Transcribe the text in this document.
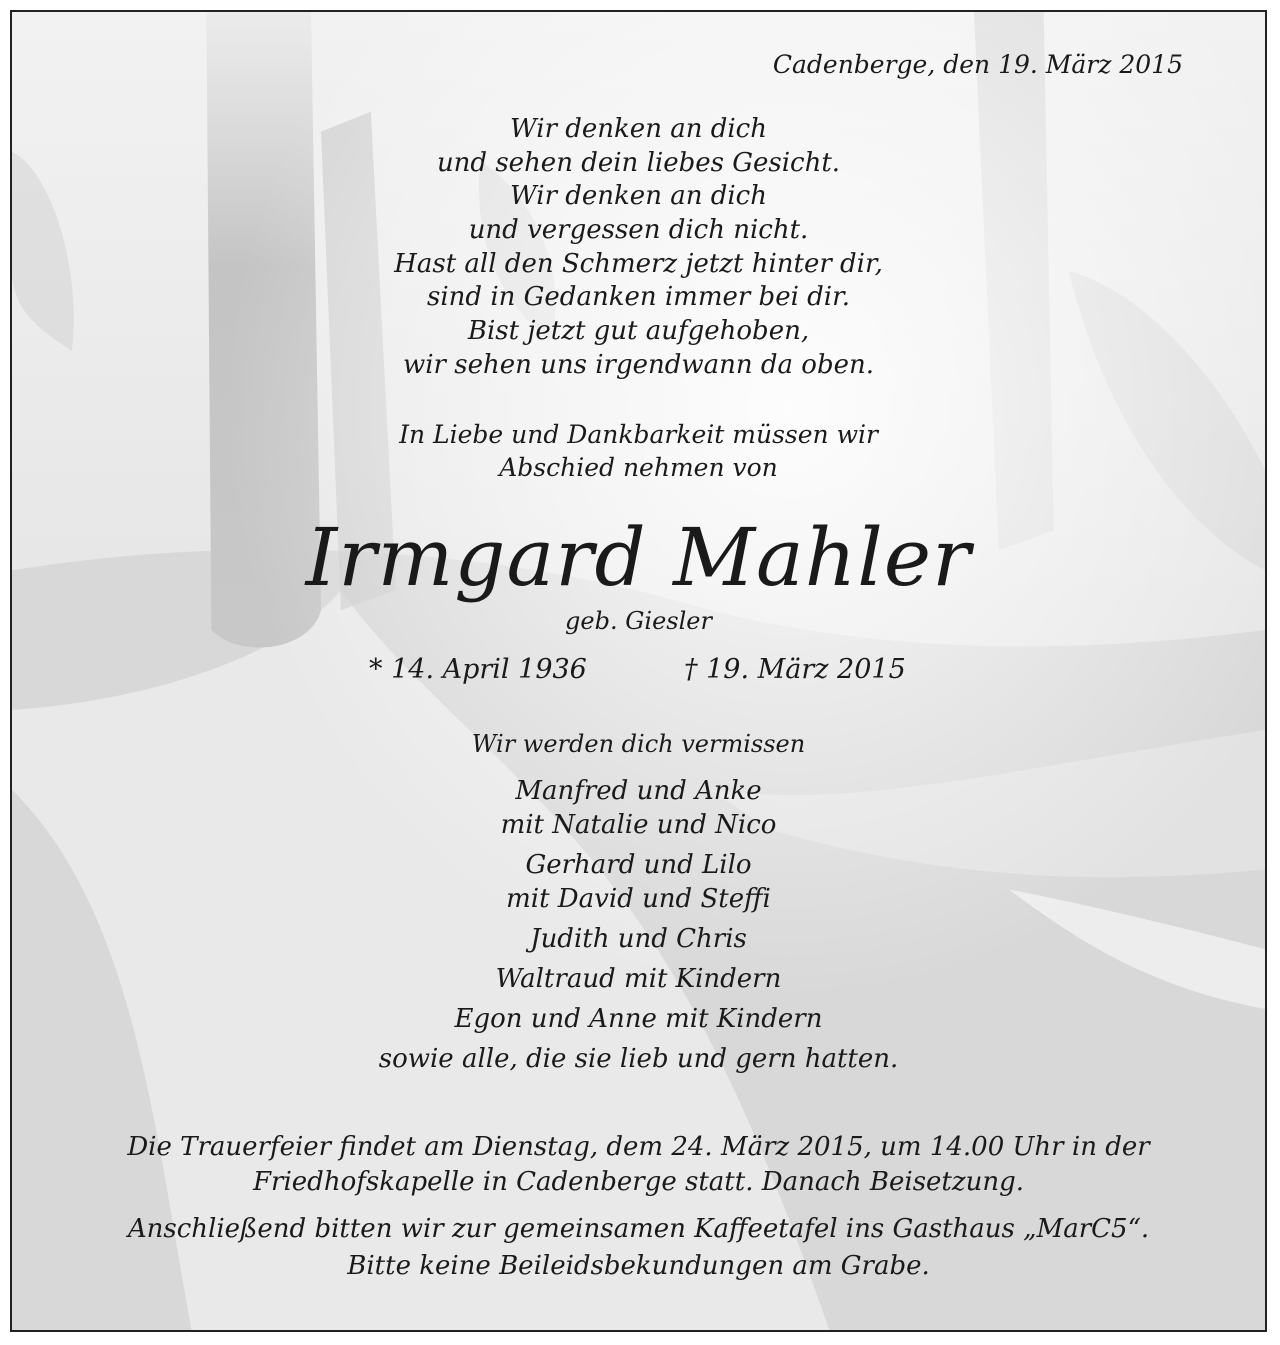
Cadenberge, den 19. März 2015
Wir denken an dich
und sehen dein liebes Gesicht.
Wir denken an dich
und vergessen dich nicht.
Hast all den Schmerz jetzt hinter dir,
sind in Gedanken immer bei dir.
Bist jetzt gut aufgehoben,
wir sehen uns irgendwann da oben.
In Liebe und Dankbarkeit müssen wir
Abschied nehmen von
Irmgard Mahler
geb. Giesler
* 14. April 1936	† 19. März 2015
Wir werden dich vermissen
Manfred und Anke
mit Natalie und Nico
Gerhard und Lilo
mit David und Steffi
Judith und Chris
Waltraud mit Kindern
Egon und Anne mit Kindern
sowie alle, die sie lieb und gern hatten.
Die Trauerfeier findet am Dienstag, dem 24. März 2015, um 14.00 Uhr in der
Friedhofskapelle in Cadenberge statt. Danach Beisetzung.
Anschließend bitten wir zur gemeinsamen Kaffeetafel ins Gasthaus „MarC5“.
Bitte keine Beileidsbekundungen am Grabe.
